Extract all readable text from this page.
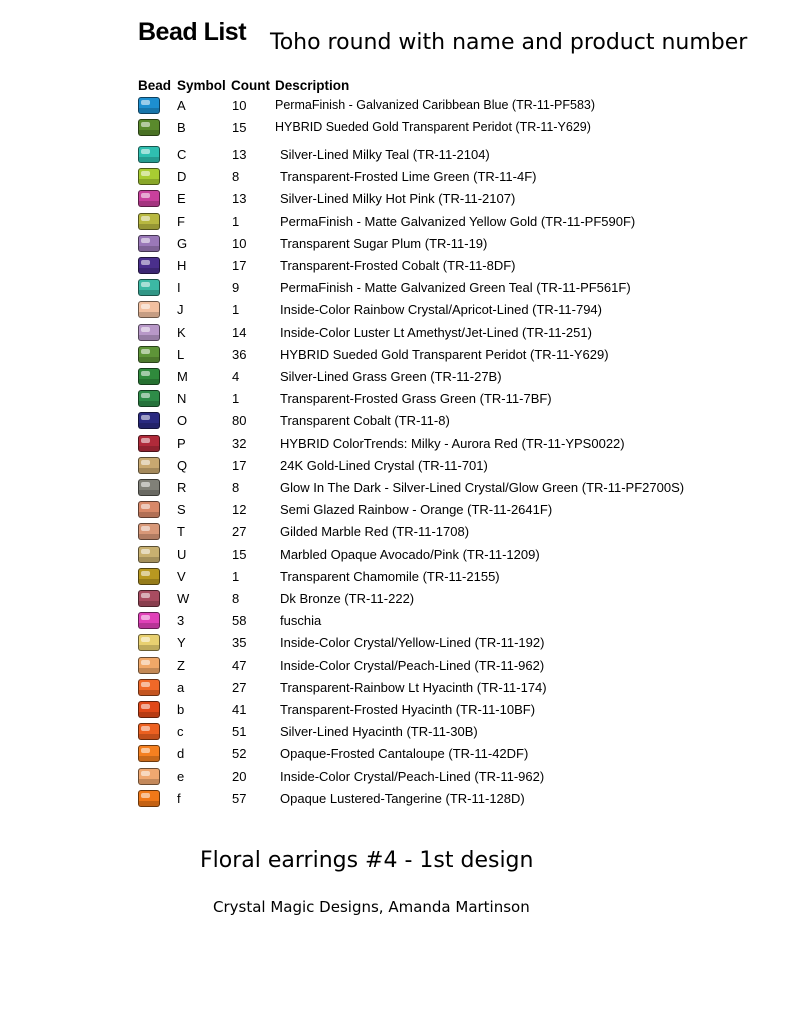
Bead List Toho round with name and product number
Bead Symbol Count Description
A	10 PermaFinish - Galvanized Caribbean Blue (TR-11-PF583)
B	15 HYBRID Sueded Gold Transparent Peridot (TR-11-Y629)
C	13	Silver-Lined Milky Teal (TR-11-2104)
D	8	Transparent-Frosted Lime Green (TR-11-4F)
E	13	Silver-Lined Milky Hot Pink (TR-11-2107)
F	1	PermaFinish - Matte Galvanized Yellow Gold (TR-11-PF590F)
G	10	Transparent Sugar Plum (TR-11-19)
H	17	Transparent-Frosted Cobalt (TR-11-8DF)
I	9	PermaFinish - Matte Galvanized Green Teal (TR-11-PF561F)
J	1	Inside-Color Rainbow Crystal/Apricot-Lined (TR-11-794)
K	14	Inside-Color Luster Lt Amethyst/Jet-Lined (TR-11-251)
L	36	HYBRID Sueded Gold Transparent Peridot (TR-11-Y629)
M	4	Silver-Lined Grass Green (TR-11-27B)
N	1	Transparent-Frosted Grass Green (TR-11-7BF)
O	80	Transparent Cobalt (TR-11-8)
P	32	HYBRID ColorTrends: Milky - Aurora Red (TR-11-YPS0022)
Q	17	24K Gold-Lined Crystal (TR-11-701)
R	8	Glow In The Dark - Silver-Lined Crystal/Glow Green (TR-11-PF2700S)
S	12	Semi Glazed Rainbow - Orange (TR-11-2641F)
T	27	Gilded Marble Red (TR-11-1708)
U	15	Marbled Opaque Avocado/Pink (TR-11-1209)
V	1	Transparent Chamomile (TR-11-2155)
W	8	Dk Bronze (TR-11-222)
3	58	fuschia
Y	35	Inside-Color Crystal/Yellow-Lined (TR-11-192)
Z	47	Inside-Color Crystal/Peach-Lined (TR-11-962)
a	27	Transparent-Rainbow Lt Hyacinth (TR-11-174)
b	41	Transparent-Frosted Hyacinth (TR-11-10BF)
c	51	Silver-Lined Hyacinth (TR-11-30B)
d	52	Opaque-Frosted Cantaloupe (TR-11-42DF)
e	20	Inside-Color Crystal/Peach-Lined (TR-11-962)
f	57	Opaque Lustered-Tangerine (TR-11-128D)
Floral earrings #4 - 1st design
Crystal Magic Designs, Amanda Martinson
